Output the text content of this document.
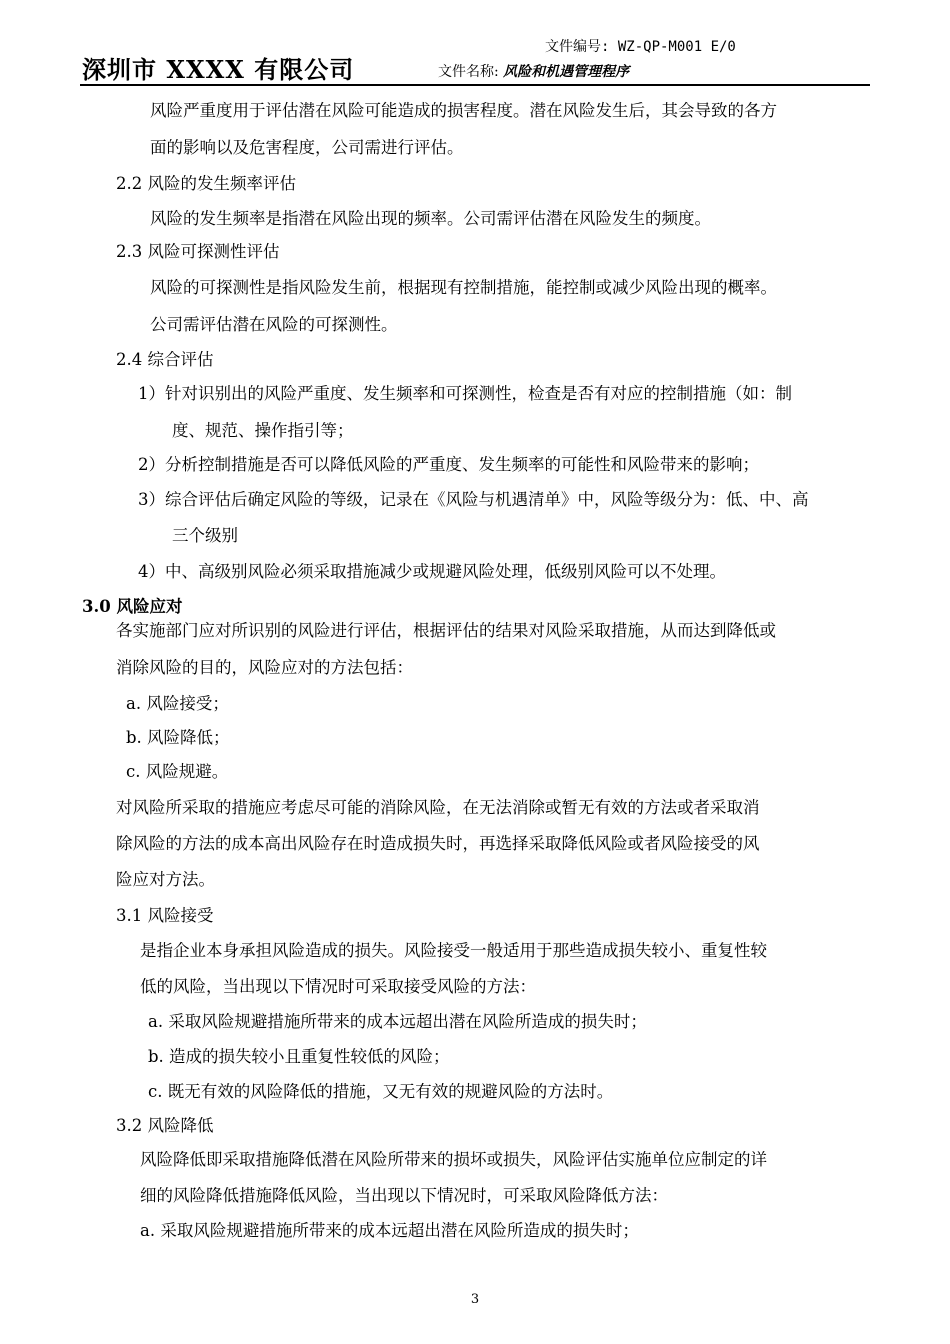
深圳市 XXXX 有限公司
文件编号: WZ-QP-M001 E/0
文件名称: 风险和机遇管理程序
风险严重度用于评估潜在风险可能造成的损害程度。潜在风险发生后，其会导致的各方
面的影响以及危害程度，公司需进行评估。
2.2 风险的发生频率评估
风险的发生频率是指潜在风险出现的频率。公司需评估潜在风险发生的频度。
2.3 风险可探测性评估
风险的可探测性是指风险发生前，根据现有控制措施，能控制或减少风险出现的概率。
公司需评估潜在风险的可探测性。
2.4 综合评估
1）针对识别出的风险严重度、发生频率和可探测性，检查是否有对应的控制措施（如：制
度、规范、操作指引等；
2）分析控制措施是否可以降低风险的严重度、发生频率的可能性和风险带来的影响；
3）综合评估后确定风险的等级，记录在《风险与机遇清单》中，风险等级分为：低、中、高
三个级别
4）中、高级别风险必须采取措施减少或规避风险处理，低级别风险可以不处理。
3.0 风险应对
各实施部门应对所识别的风险进行评估，根据评估的结果对风险采取措施，从而达到降低或
消除风险的目的，风险应对的方法包括：
a. 风险接受；
b. 风险降低；
c. 风险规避。
对风险所采取的措施应考虑尽可能的消除风险，在无法消除或暂无有效的方法或者采取消
除风险的方法的成本高出风险存在时造成损失时，再选择采取降低风险或者风险接受的风
险应对方法。
3.1 风险接受
是指企业本身承担风险造成的损失。风险接受一般适用于那些造成损失较小、重复性较
低的风险，当出现以下情况时可采取接受风险的方法：
a. 采取风险规避措施所带来的成本远超出潜在风险所造成的损失时；
b. 造成的损失较小且重复性较低的风险；
c. 既无有效的风险降低的措施，又无有效的规避风险的方法时。
3.2 风险降低
风险降低即采取措施降低潜在风险所带来的损坏或损失，风险评估实施单位应制定的详
细的风险降低措施降低风险，当出现以下情况时，可采取风险降低方法：
a. 采取风险规避措施所带来的成本远超出潜在风险所造成的损失时；
3
